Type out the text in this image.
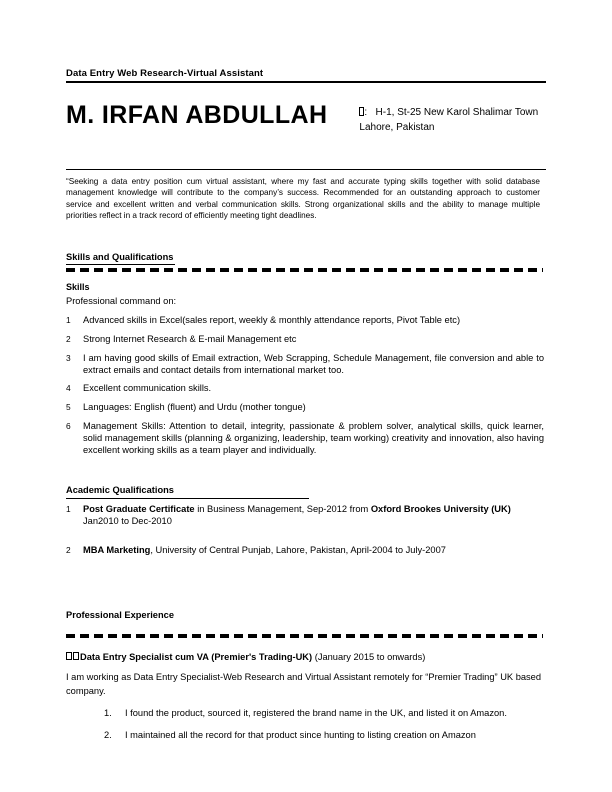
Data Entry Web Research-Virtual Assistant
M. IRFAN ABDULLAH	: H-1, St-25 New Karol Shalimar Town
Lahore, Pakistan
“Seeking a data entry position cum virtual assistant, where my fast and accurate typing skills together with solid database management knowledge will contribute to the company’s success. Recommended for an outstanding approach to customer service and excellent written and verbal communication skills. Strong organizational skills and the ability to manage multiple priorities reflect in a track record of efficiently meeting tight deadlines.
Skills and Qualifications
Skills
Professional command on:
1	Advanced skills in Excel(sales report, weekly & monthly attendance reports, Pivot Table etc)
2	Strong Internet Research & E-mail Management etc
3	I am having good skills of Email extraction, Web Scrapping, Schedule Management, file conversion and able to extract emails and contact details from international market too.
4	Excellent communication skills.
5	Languages: English (fluent) and Urdu (mother tongue)
6	Management Skills: Attention to detail, integrity, passionate & problem solver, analytical skills, quick learner, solid management skills (planning & organizing, leadership, team working) creativity and innovation, also having excellent working skills as a team player and individually.
Academic Qualifications
1	Post Graduate Certificate in Business Management, Sep-2012 from Oxford Brookes University (UK) Jan2010 to Dec-2010
2	MBA Marketing, University of Central Punjab, Lahore, Pakistan, April-2004 to July-2007
Professional Experience
Data Entry Specialist cum VA (Premier's Trading-UK) (January 2015 to onwards)
I am working as Data Entry Specialist-Web Research and Virtual Assistant remotely for “Premier Trading” UK based company.
1.	I found the product, sourced it, registered the brand name in the UK, and listed it on Amazon.
2.	I maintained all the record for that product since hunting to listing creation on Amazon
